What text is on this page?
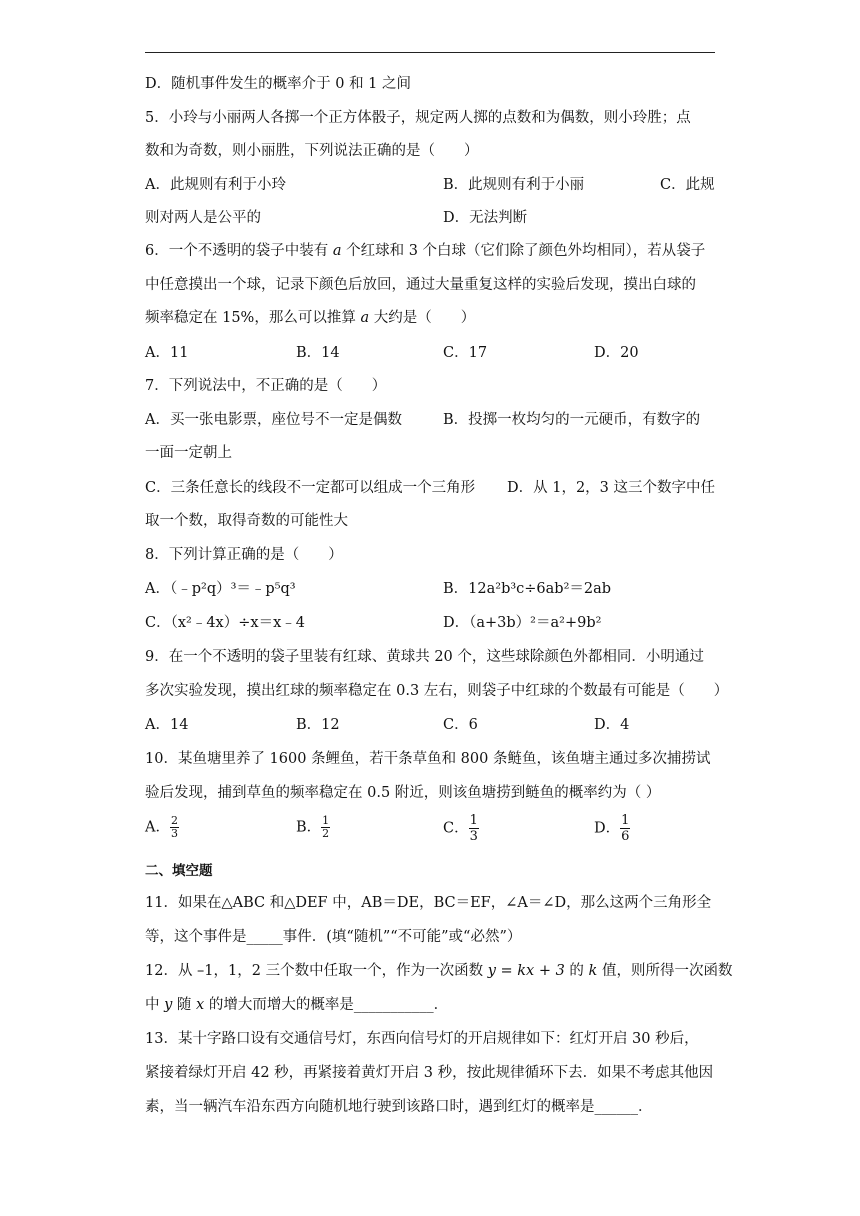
D．随机事件发生的概率介于 0 和 1 之间
5．小玲与小丽两人各掷一个正方体骰子，规定两人掷的点数和为偶数，则小玲胜；点
数和为奇数，则小丽胜，下列说法正确的是（　　）
A．此规则有利于小玲	B．此规则有利于小丽	C．此规
则对两人是公平的	D．无法判断
6．一个不透明的袋子中装有 a 个红球和 3 个白球（它们除了颜色外均相同），若从袋子
中任意摸出一个球，记录下颜色后放回，通过大量重复这样的实验后发现，摸出白球的
频率稳定在 15%，那么可以推算 a 大约是（　　）
A．11	B．14	C．17	D．20
7．下列说法中，不正确的是（　　）
A．买一张电影票，座位号不一定是偶数	B．投掷一枚均匀的一元硬币，有数字的
一面一定朝上
C．三条任意长的线段不一定都可以组成一个三角形 D．从 1，2，3 这三个数字中任
取一个数，取得奇数的可能性大
8．下列计算正确的是（　　）
A．（﹣p²q）³＝﹣p⁵q³	B．12a²b³c÷6ab²＝2ab
C．（x²﹣4x）÷x＝x﹣4	D．（a+3b）²＝a²+9b²
9．在一个不透明的袋子里装有红球、黄球共 20 个，这些球除颜色外都相同．小明通过
多次实验发现，摸出红球的频率稳定在 0.3 左右，则袋子中红球的个数最有可能是（　　）
A．14	B．12	C．6	D．4
10．某鱼塘里养了 1600 条鲤鱼，若干条草鱼和 800 条鲢鱼，该鱼塘主通过多次捕捞试
验后发现，捕到草鱼的频率稳定在 0.5 附近，则该鱼塘捞到鲢鱼的概率约为（ ）
A． $\frac{2}{3}$	B． $\frac{1}{2}$	C． $\frac{1}{3}$	D． $\frac{1}{6}$
二、填空题
11．如果在△ABC 和△DEF 中，AB＝DE，BC＝EF，∠A＝∠D，那么这两个三角形全
等，这个事件是_____事件．(填“随机”“不可能”或“必然”）
12．从 –1，1，2 三个数中任取一个，作为一次函数 y = kx + 3 的 k 值，则所得一次函数
中 y 随 x 的增大而增大的概率是___________．
13．某十字路口设有交通信号灯，东西向信号灯的开启规律如下：红灯开启 30 秒后，
紧接着绿灯开启 42 秒，再紧接着黄灯开启 3 秒，按此规律循环下去．如果不考虑其他因
素，当一辆汽车沿东西方向随机地行驶到该路口时，遇到红灯的概率是______．
